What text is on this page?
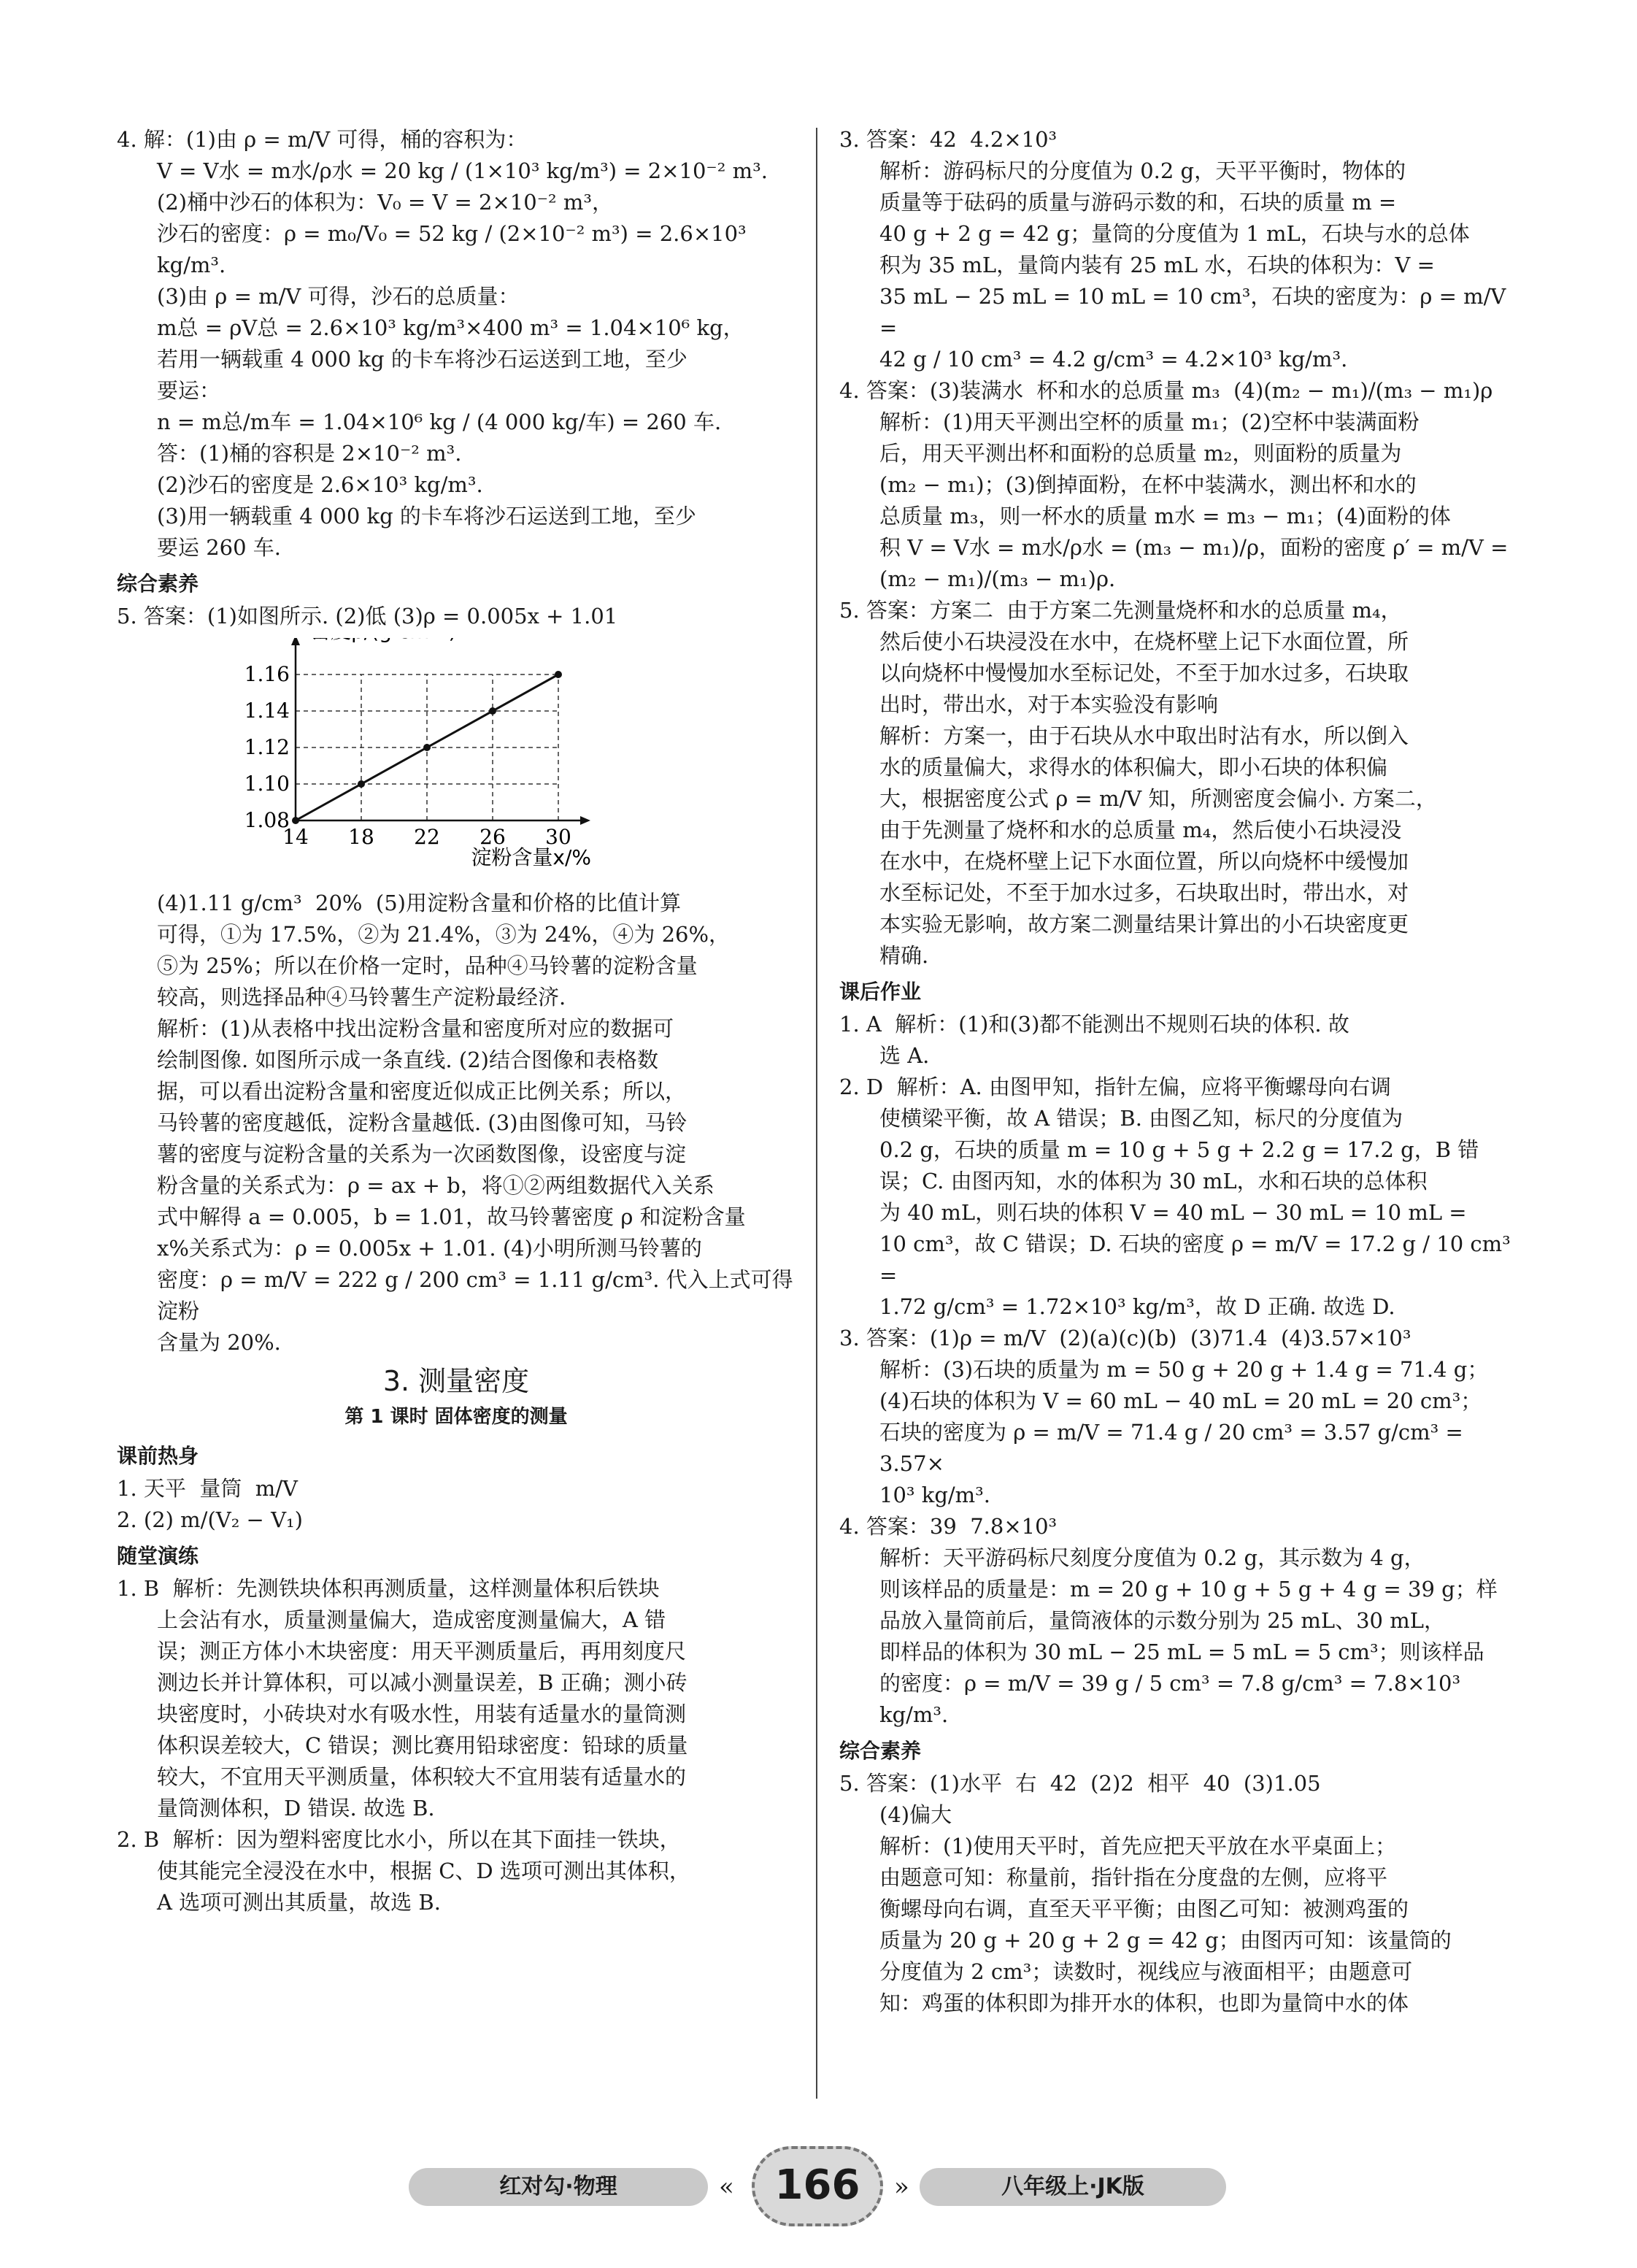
4. 解：(1)由 ρ = m/V 可得，桶的容积为：
V = V水 = m水/ρ水 = 20 kg / (1×10³ kg/m³) = 2×10⁻² m³.
(2)桶中沙石的体积为：V₀ = V = 2×10⁻² m³，
沙石的密度：ρ = m₀/V₀ = 52 kg / (2×10⁻² m³) = 2.6×10³ kg/m³.
(3)由 ρ = m/V 可得，沙石的总质量：
m总 = ρV总 = 2.6×10³ kg/m³×400 m³ = 1.04×10⁶ kg，
若用一辆载重 4 000 kg 的卡车将沙石运送到工地，至少
要运：
n = m总/m车 = 1.04×10⁶ kg / (4 000 kg/车) = 260 车.
答：(1)桶的容积是 2×10⁻² m³.
(2)沙石的密度是 2.6×10³ kg/m³.
(3)用一辆载重 4 000 kg 的卡车将沙石运送到工地，至少
要运 260 车.
综合素养
5. 答案：(1)如图所示. (2)低 (3)ρ = 0.005x + 1.01
14 18 22 26 30
1.08
1.10
1.12
1.14
1.16
淀粉含量x/%
(4)1.11 g/cm³  20%  (5)用淀粉含量和价格的比值计算
可得，①为 17.5%，②为 21.4%，③为 24%，④为 26%，
⑤为 25%；所以在价格一定时，品种④马铃薯的淀粉含量
较高，则选择品种④马铃薯生产淀粉最经济.
解析：(1)从表格中找出淀粉含量和密度所对应的数据可
绘制图像. 如图所示成一条直线. (2)结合图像和表格数
据，可以看出淀粉含量和密度近似成正比例关系；所以，
马铃薯的密度越低，淀粉含量越低. (3)由图像可知，马铃
薯的密度与淀粉含量的关系为一次函数图像，设密度与淀
粉含量的关系式为：ρ = ax + b，将①②两组数据代入关系
式中解得 a = 0.005，b = 1.01，故马铃薯密度 ρ 和淀粉含量
x%关系式为：ρ = 0.005x + 1.01. (4)小明所测马铃薯的
密度：ρ = m/V = 222 g / 200 cm³ = 1.11 g/cm³. 代入上式可得淀粉
含量为 20%.
3. 测量密度
第 1 课时 固体密度的测量
课前热身
1. 天平  量筒  m/V
2. (2) m/(V₂ − V₁)
随堂演练
1. B  解析：先测铁块体积再测质量，这样测量体积后铁块
上会沾有水，质量测量偏大，造成密度测量偏大，A 错
误；测正方体小木块密度：用天平测质量后，再用刻度尺
测边长并计算体积，可以减小测量误差，B 正确；测小砖
块密度时，小砖块对水有吸水性，用装有适量水的量筒测
体积误差较大，C 错误；测比赛用铅球密度：铅球的质量
较大，不宜用天平测质量，体积较大不宜用装有适量水的
量筒测体积，D 错误. 故选 B.
2. B  解析：因为塑料密度比水小，所以在其下面挂一铁块，
使其能完全浸没在水中，根据 C、D 选项可测出其体积，
A 选项可测出其质量，故选 B.
3. 答案：42  4.2×10³
解析：游码标尺的分度值为 0.2 g，天平平衡时，物体的
质量等于砝码的质量与游码示数的和，石块的质量 m =
40 g + 2 g = 42 g；量筒的分度值为 1 mL，石块与水的总体
积为 35 mL，量筒内装有 25 mL 水，石块的体积为：V =
35 mL − 25 mL = 10 mL = 10 cm³，石块的密度为：ρ = m/V =
42 g / 10 cm³ = 4.2 g/cm³ = 4.2×10³ kg/m³.
4. 答案：(3)装满水  杯和水的总质量 m₃  (4)(m₂ − m₁)/(m₃ − m₁)ρ
解析：(1)用天平测出空杯的质量 m₁；(2)空杯中装满面粉
后，用天平测出杯和面粉的总质量 m₂，则面粉的质量为
(m₂ − m₁)；(3)倒掉面粉，在杯中装满水，测出杯和水的
总质量 m₃，则一杯水的质量 m水 = m₃ − m₁；(4)面粉的体
积 V = V水 = m水/ρ水 = (m₃ − m₁)/ρ，面粉的密度 ρ′ = m/V = (m₂ − m₁)/(m₃ − m₁)ρ.
5. 答案：方案二  由于方案二先测量烧杯和水的总质量 m₄，
然后使小石块浸没在水中，在烧杯壁上记下水面位置，所
以向烧杯中慢慢加水至标记处，不至于加水过多，石块取
出时，带出水，对于本实验没有影响
解析：方案一，由于石块从水中取出时沾有水，所以倒入
水的质量偏大，求得水的体积偏大，即小石块的体积偏
大，根据密度公式 ρ = m/V 知，所测密度会偏小. 方案二，
由于先测量了烧杯和水的总质量 m₄，然后使小石块浸没
在水中，在烧杯壁上记下水面位置，所以向烧杯中缓慢加
水至标记处，不至于加水过多，石块取出时，带出水，对
本实验无影响，故方案二测量结果计算出的小石块密度更
精确.
课后作业
1. A  解析：(1)和(3)都不能测出不规则石块的体积. 故
选 A.
2. D  解析：A. 由图甲知，指针左偏，应将平衡螺母向右调
使横梁平衡，故 A 错误；B. 由图乙知，标尺的分度值为
0.2 g，石块的质量 m = 10 g + 5 g + 2.2 g = 17.2 g，B 错
误；C. 由图丙知，水的体积为 30 mL，水和石块的总体积
为 40 mL，则石块的体积 V = 40 mL − 30 mL = 10 mL =
10 cm³，故 C 错误；D. 石块的密度 ρ = m/V = 17.2 g / 10 cm³ =
1.72 g/cm³ = 1.72×10³ kg/m³，故 D 正确. 故选 D.
3. 答案：(1)ρ = m/V  (2)(a)(c)(b)  (3)71.4  (4)3.57×10³
解析：(3)石块的质量为 m = 50 g + 20 g + 1.4 g = 71.4 g；
(4)石块的体积为 V = 60 mL − 40 mL = 20 mL = 20 cm³；
石块的密度为 ρ = m/V = 71.4 g / 20 cm³ = 3.57 g/cm³ = 3.57×
10³ kg/m³.
4. 答案：39  7.8×10³
解析：天平游码标尺刻度分度值为 0.2 g，其示数为 4 g，
则该样品的质量是：m = 20 g + 10 g + 5 g + 4 g = 39 g；样
品放入量筒前后，量筒液体的示数分别为 25 mL、30 mL，
即样品的体积为 30 mL − 25 mL = 5 mL = 5 cm³；则该样品
的密度：ρ = m/V = 39 g / 5 cm³ = 7.8 g/cm³ = 7.8×10³ kg/m³.
综合素养
5. 答案：(1)水平  右  42  (2)2  相平  40  (3)1.05
(4)偏大
解析：(1)使用天平时，首先应把天平放在水平桌面上；
由题意可知：称量前，指针指在分度盘的左侧，应将平
衡螺母向右调，直至天平平衡；由图乙可知：被测鸡蛋的
质量为 20 g + 20 g + 2 g = 42 g；由图丙可知：该量筒的
分度值为 2 cm³；读数时，视线应与液面相平；由题意可
知：鸡蛋的体积即为排开水的体积，也即为量筒中水的体
红对勾·物理	« 166	»	八年级上·JK版
